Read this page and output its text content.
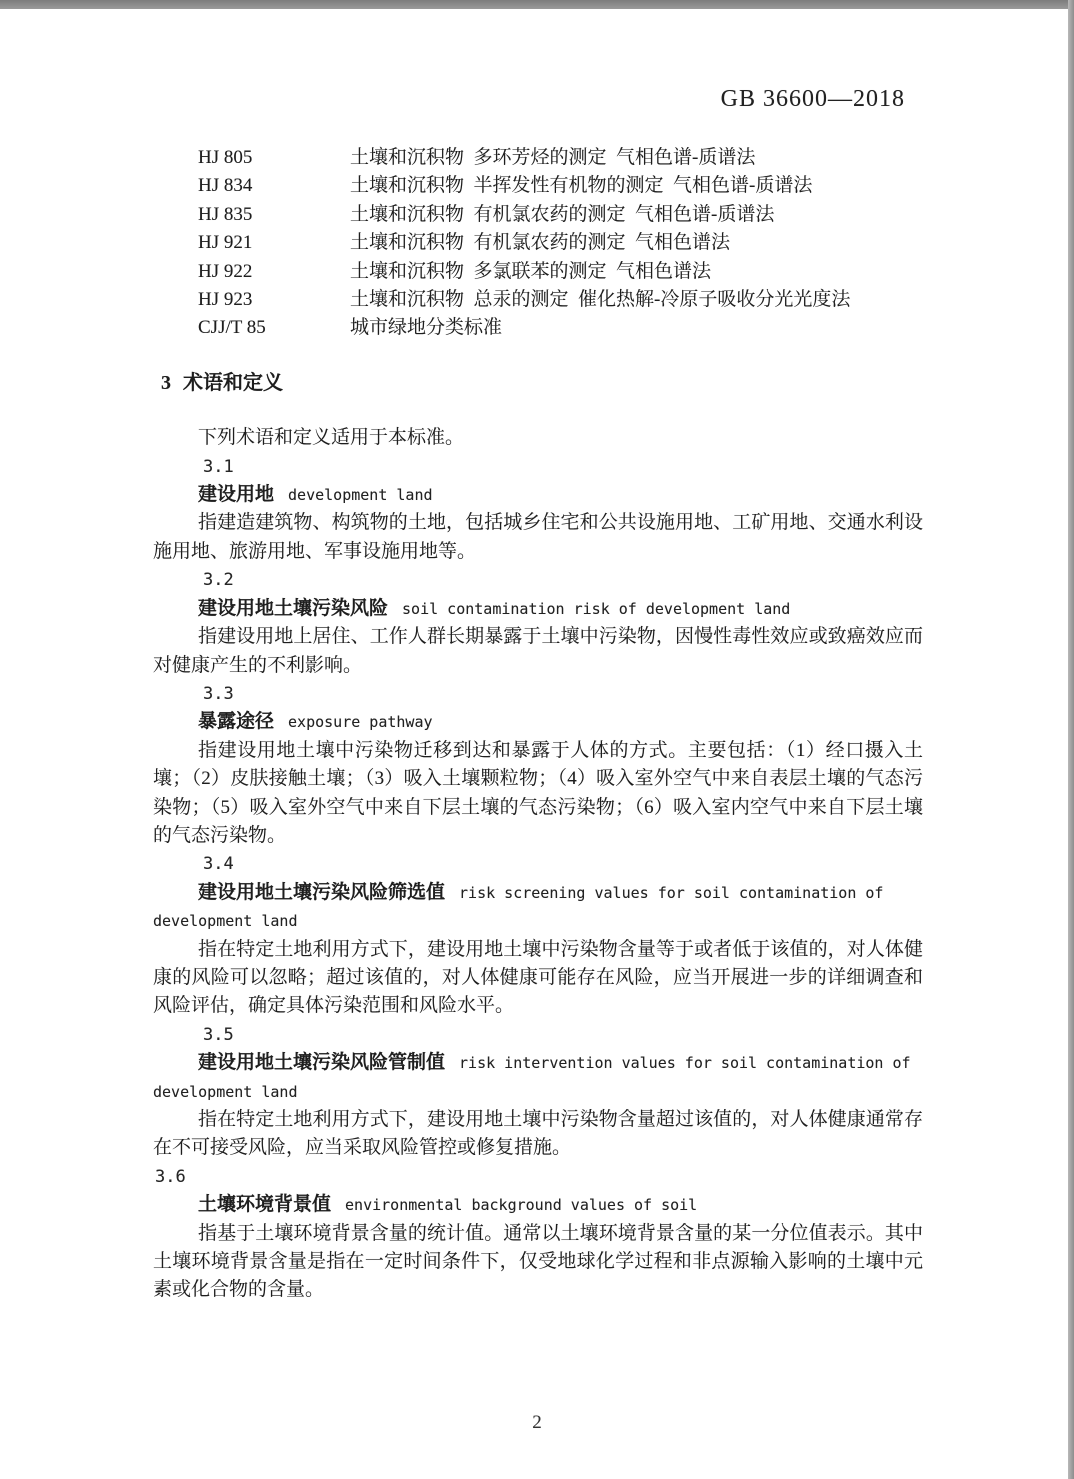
GB 36600—2018
HJ 805	土壤和沉积物  多环芳烃的测定  气相色谱-质谱法
HJ 834	土壤和沉积物  半挥发性有机物的测定  气相色谱-质谱法
HJ 835	土壤和沉积物  有机氯农药的测定  气相色谱-质谱法
HJ 921	土壤和沉积物  有机氯农药的测定  气相色谱法
HJ 922	土壤和沉积物  多氯联苯的测定  气相色谱法
HJ 923	土壤和沉积物  总汞的测定  催化热解-冷原子吸收分光光度法
CJJ/T 85	城市绿地分类标准
3 术语和定义

下列术语和定义适用于本标准。

3.1
建设用地 development land

指建造建筑物、构筑物的土地，包括城乡住宅和公共设施用地、工矿用地、交通水利设施用地、旅游用地、军事设施用地等。

3.2
建设用地土壤污染风险 soil contamination risk of development land

指建设用地上居住、工作人群长期暴露于土壤中污染物，因慢性毒性效应或致癌效应而对健康产生的不利影响。

3.3
暴露途径 exposure pathway

指建设用地土壤中污染物迁移到达和暴露于人体的方式。主要包括：（1）经口摄入土壤；（2）皮肤接触土壤；（3）吸入土壤颗粒物；（4）吸入室外空气中来自表层土壤的气态污染物；（5）吸入室外空气中来自下层土壤的气态污染物；（6）吸入室内空气中来自下层土壤的气态污染物。

3.4
建设用地土壤污染风险筛选值 risk screening values for soil contamination of development land

指在特定土地利用方式下，建设用地土壤中污染物含量等于或者低于该值的，对人体健康的风险可以忽略；超过该值的，对人体健康可能存在风险，应当开展进一步的详细调查和风险评估，确定具体污染范围和风险水平。

3.5
建设用地土壤污染风险管制值 risk intervention values for soil contamination of development land

指在特定土地利用方式下，建设用地土壤中污染物含量超过该值的，对人体健康通常存在不可接受风险，应当采取风险管控或修复措施。

3.6
土壤环境背景值 environmental background values of soil

指基于土壤环境背景含量的统计值。通常以土壤环境背景含量的某一分位值表示。其中土壤环境背景含量是指在一定时间条件下，仅受地球化学过程和非点源输入影响的土壤中元素或化合物的含量。

2
